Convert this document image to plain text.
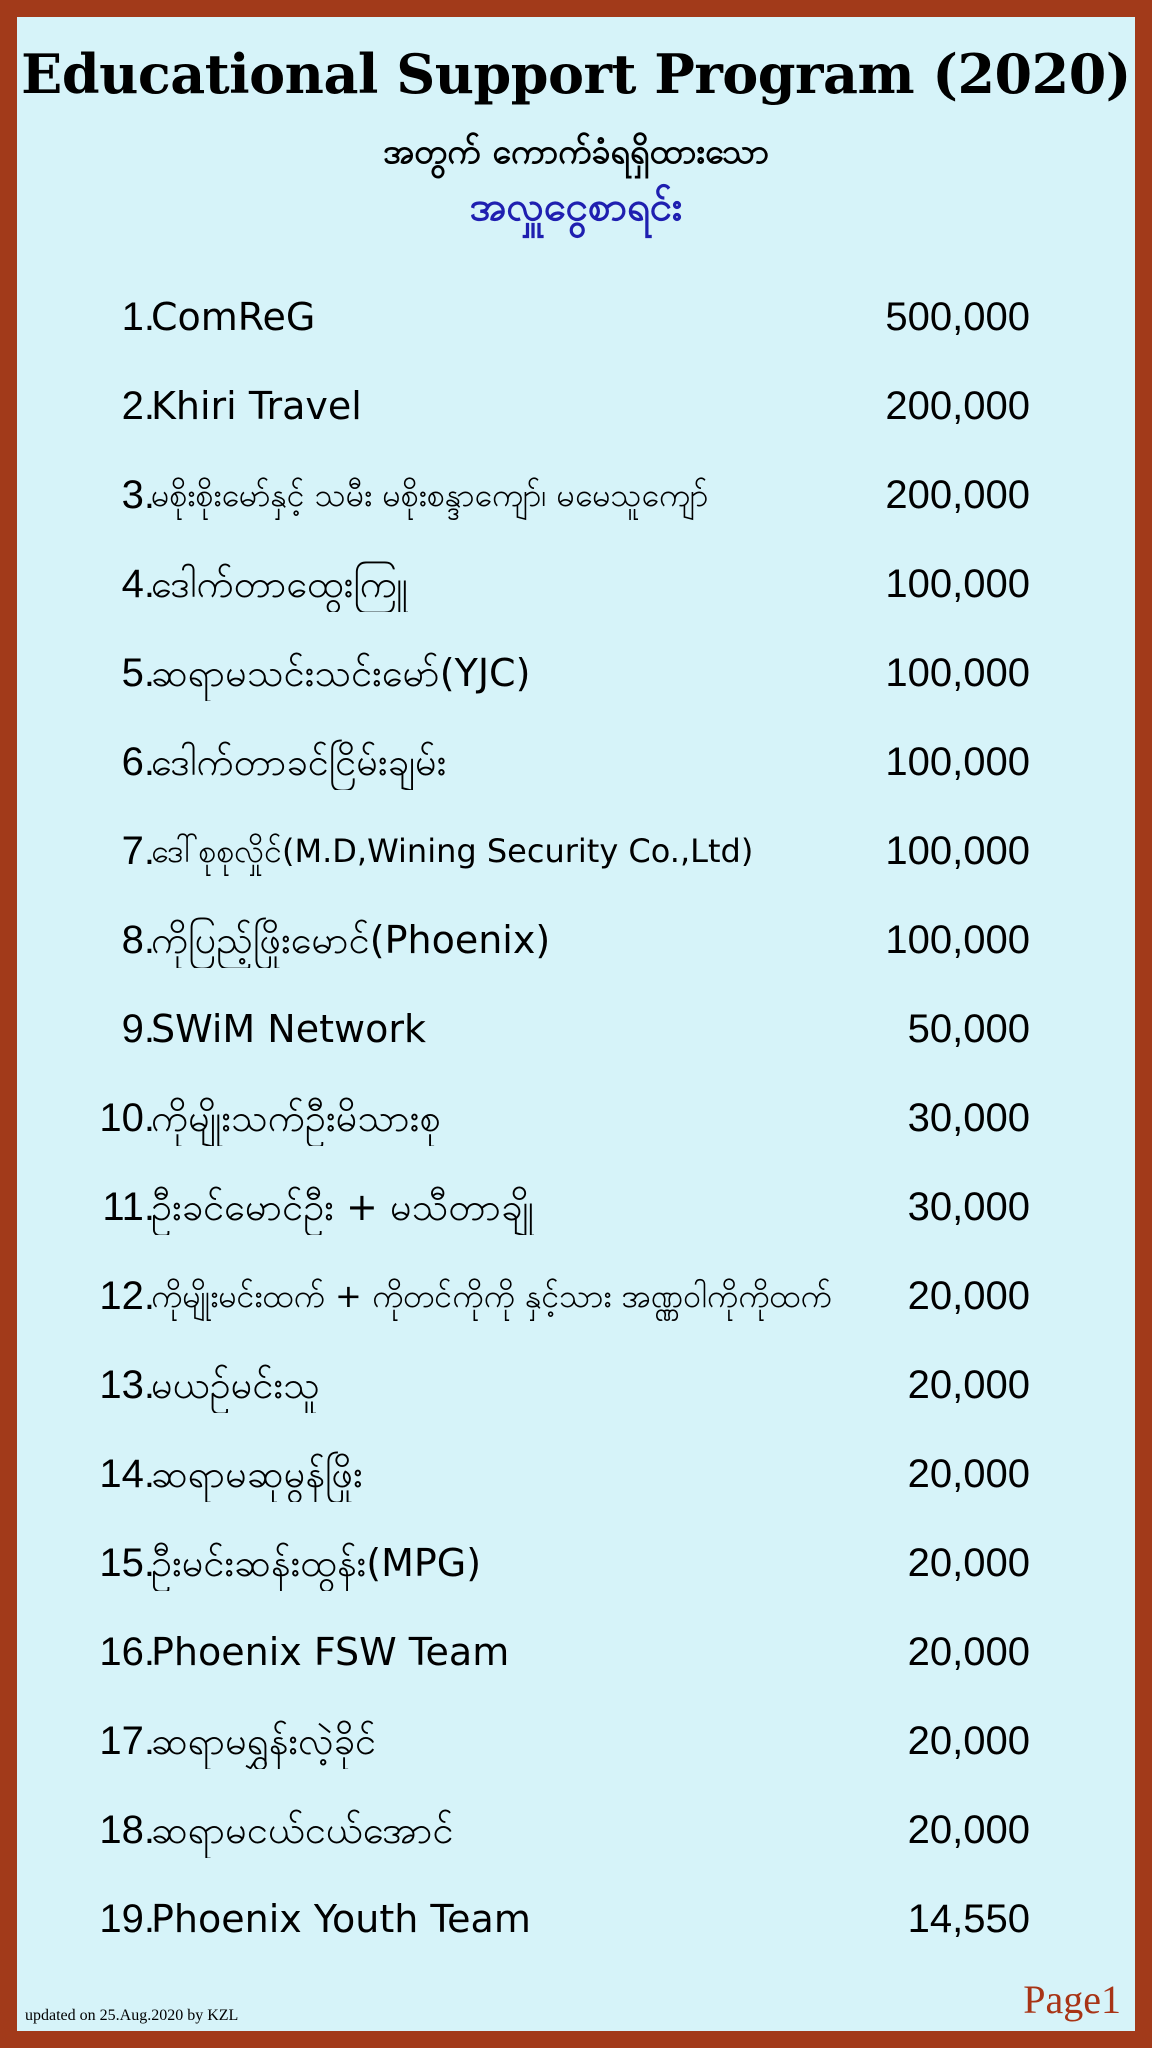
Educational Support Program (2020)
အတွက် ကောက်ခံရရှိထားသော
အလှူငွေစာရင်း
1.
ComReG	500,000
2.
Khiri Travel	200,000
3.
မစိုးစိုးမော်နှင့် သမီး မစိုးစန္ဒာကျော်၊ မမေသူကျော်	200,000
4.
ဒေါက်တာထွေးကြူ	100,000
5.
ဆရာမသင်းသင်းမော်(YJC)	100,000
6.
ဒေါက်တာခင်ငြိမ်းချမ်း	100,000
7.
ဒေါ်စုစုလှိုင်(M.D,Wining Security Co.,Ltd)	100,000
8.
ကိုပြည့်ဖြိုးမောင်(Phoenix)	100,000
9.
SWiM Network	50,000
10.
ကိုမျိုးသက်ဦးမိသားစု	30,000
11.
ဦးခင်မောင်ဦး + မသီတာချို	30,000
12.
ကိုမျိုးမင်းထက် + ကိုတင်ကိုကို နှင့်သား အဏ္ဏဝါကိုကိုထက် 20,000
13.
မယဉ်မင်းသူ	20,000
14.
ဆရာမဆုမွန်ဖြိုး	20,000
15.
ဦးမင်းဆန်းထွန်း(MPG)	20,000
16.
Phoenix FSW Team	20,000
17.
ဆရာမရွှန်းလဲ့ခိုင်	20,000
18.
ဆရာမငယ်ငယ်အောင်	20,000
19.
Phoenix Youth Team	14,550
updated on 25.Aug.2020 by KZL	Page1
